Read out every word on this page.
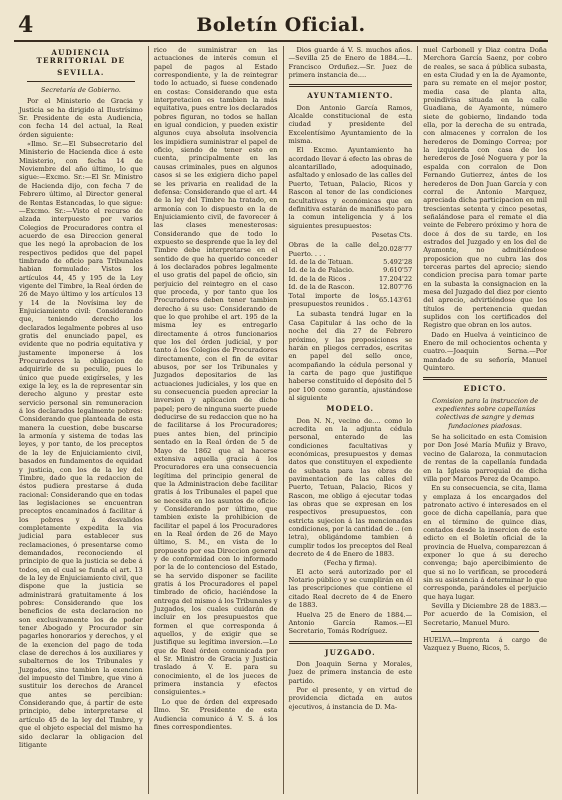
4	Boletín Oficial.
AUDIENCIA TERRITORIAL DE
SEVILLA.
Secretaría de Gobierno.

Por el Ministerio de Gracia y Justicia se ha dirigido al Ilustrísimo Sr. Presidente de esta Audiencia, con fecha 14 del actual, la Real órden siguiente:

«Ilmo. Sr.—El Subsecretario del Ministerio de Hacienda dice á este Ministerio, con fecha 14 de Noviembre del año último, lo que sigue:—Excmo. Sr.:—El Sr. Ministro de Hacienda dijo, con fecha 7 de Febrero último, al Director general de Rentas Estancadas, lo que sigue:—Excmo. Sr.:—Visto el recurso de alzada interpuesto por varios Colegios de Procuradores contra el acuerdo de esa Direccion general que les negó la aprobacion de los respectivos pedidos que del papel timbrado de oficio para Tribunales habian formulado: Vistos los artículos 44, 45 y 195 de la Ley vigente del Timbre, la Real órden de 26 de Mayo último y los artículos 13 y 14 de la Novísima ley de Enjuiciamiento civil: Considerando que, teniendo derecho los declarados legalmente pobres al uso gratis del enunciado papel, es evidente que no podria equitativa y justamente imponerse á los Procuradores la obligacion de adquirirle de su peculio, pues lo único que puede exigírseles, y les exige la ley, es la de representar sin derecho alguno y prestar este servicio personal sin remuneracion á los declarados legalmente pobres: Considerando que planteada de esta manera la cuestion, debe buscarse la armonía y sistema de todas las leyes, y por tanto, de los preceptos de la ley de Enjuiciamiento civil, basados en fundamentos de equidad y justicia, con los de la ley del Timbre, dado que la redaccion de éstos pudiera prestarse á duda racional: Considerando que en todas las legislaciones se encuentran preceptos encaminados á facilitar á los pobres y á desvalidos completamente expedita la via judicial para establecer sus reclamaciones, ó presentarse como demandados, reconociendo el principio de que la justicia se debe á todos, en el cual se funda el art. 13 de la ley de Enjuiciamiento civil, que dispone que la justicia se administrará gratuitamente á los pobres: Considerando que los beneficios de esta declaracion no son exclusivamente los de poder tener Abogado y Procurador sin pagarles honorarios y derechos, y el de la exencion del pago de toda clase de derechos á los auxiliares y subalternos de los Tribunales y Juzgados, sino tambien la exencion del impuesto del Timbre, que vino á sustituir los derechos de Arancel que antes se percibian: Considerando que, á partir de este principio, debe interpretarse el artículo 45 de la ley del Timbre, y que el objeto especial del mismo ha sido declarar la obligacion del litigante

rico de suministrar en las actuaciones de interés comun el papel de pagos al Estado correspondiente, y la de reintegrar todo lo actuado, si fuese condenado en costas: Considerando que esta interpretacion es tambien la más equitativa, pues entre los declarados pobres figuran, no todos se hallan en igual condicion, y pueden existir algunos cuya absoluta insolvencia les impidiera suministrar el papel de oficio, siendo de tener esto en cuenta, principalmente en las causas criminales, pues en algunos casos si se les exigiera dicho papel se les privaria en realidad de la defensa: Considerando que el art. 44 de la ley del Timbre ha tratado, en armonía con lo dispuesto en la de Enjuiciamiento civil, de favorecer á las clases menesterosas: Considerando que de todo lo expuesto se desprende que la ley del Timbre debe interpretarse en el sentido de que ha querido conceder á los declarados pobres legalmente el uso gratis del papel de oficio, sin perjuicio del reintegro en el caso que proceda, y por tanto que los Procuradores deben tener tambien derecho á su uso: Considerando de que lo que prohibe el art. 195 de la misma ley es entregarlo directamente á otros funcionarios que los del órden judicial, y por tanto á los Colegios de Procuradores directamente, con el fin de evitar abusos, por ser los Tribunales y Juzgados depositarios de las actuaciones judiciales, y los que en su consecuencia pueden apreciar la inversion y aplicacion de dicho papel; pero de ninguna suerte puede deducirse de su redaccion que no ha de facilitarse á los Procuradores; pues antes bien, del principio sentado en la Real órden de 5 de Mayo de 1862 que al hacerse extensiva aquella gracia á los Procuradores era una consecuencia legítima del principio general de que la Administracion debe facilitar gratis á los Tribunales el papel que se necesita en los asuntos de oficio: y Considerando por último, que tambien existe la prohibicion de facilitar el papel á los Procuradores en la Real órden de 26 de Mayo último, S. M., en vista de lo propuesto por esa Direccion general y de conformidad con lo informado por la de lo contencioso del Estado, se ha servido disponer se facilite gratis á los Procuradores el papel timbrado de oficio, haciéndose la entrega del mismo á los Tribunales y Juzgados, los cuales cuidarán de incluir en los presupuestos que formen el que corresponda á aquellos, y de exigir que se justifique su legítima inversion.—Lo que de Real órden comunicada por el Sr. Ministro de Gracia y Justicia traslado á V. E. para su conocimiento, el de los jueces de primera instancia y efectos consiguientes.»

Lo que de órden del expresado Ilmo. Sr. Presidente de esta Audiencia comunico á V. S. á los fines correspondientes.

Dios guarde á V. S. muchos años.—Sevilla 25 de Enero de 1884.—L. Francisco Orduñez.—Sr. Juez de primera instancia de....

AYUNTAMIENTO.

Don Antonio García Ramos, Alcalde constitucional de esta ciudad y presidente del Excelentísimo Ayuntamiento de la misma.

El Excmo. Ayuntamiento ha acordado llevar á efecto las obras de alcantarillado, adoquinado, asfaltado y enlosado de las calles del Puerto, Tetuan, Palacio, Ricos y Rascon al tenor de las condiciones facultativas y económicas que en definitiva estarán de manifiesto para la comun inteligencia y á los siguientes presupuestos:

Pesetas Cts.
Obras de la calle del Puerto. . . .	20.028'77
Id. de la de Tetuan.	5.492'28
Id. de la de Palacio.	9.610'57
Id. de la de Ricos .	17.204'22
Id. de la de Rascon.	12.807'76
Total importe de los presupuestos reunidos .	65.143'61

La subasta tendrá lugar en la Casa Capitular á las ocho de la noche del dia 27 de Febrero próximo, y las proposiciones se harán en pliegos cerrados, escritas en papel del sello once, acompañando la cédula personal y la carta de pago que justifique haberse constituido el depósito del 5 por 100 como garantía, ajustándose al siguiente

MODELO.

Don N. N., vecino de.... como lo acredita en la adjunta cédula personal, enterado de las condiciones facultativas y económicas, presupuestos y demas datos que constituyen el expediente de subasta para las obras de pavimentacion de las calles del Puerto, Tetuan, Palacio, Ricos y Rascon, me obligo á ejecutar todas las obras que se expresan en los respectivos presupuestos, con estricta sujecion á las mencionadas condiciones, por la cantidad de .. (en letra), obligándome tambien á cumplir todos los preceptos del Real decreto de 4 de Enero de 1883.

(Fecha y firma).

El acto será autorizado por el Notario público y se cumplirán en él las prescripciones que contiene el citado Real decreto de 4 de Enero de 1883.

Huelva 25 de Enero de 1884.—Antonio García Ramos.—El Secretario, Tomás Rodríguez.

JUZGADO.

Don Joaquin Serna y Morales, Juez de primera instancia de este partido.

Por el presente, y en virtud de providencia dictada en autos ejecutivos, á instancia de D. Ma-

nuel Carbonell y Diaz contra Doña Merchora García Saenz, por cobro de reales, se saca á pública subasta, en esta Ciudad y en la de Ayamonte, para su remate en el mejor postor, media casa de planta alta, proindivisa situada en la calle Guadiana, de Ayamonte, número siete de gobierno, lindando toda ella, por la derecha de su entrada, con almacenes y corralon de los herederos de Domingo Correa; por la izquierda con casa de los herederos de José Noguera y por la espalda con corralon de Don Fernando Gutierrez, ántes de los herederos de Don Juan García y con corral de Antonio Marquez, apreciada dicha participacion en mil trescientas setenta y cinco pesetas, señalándose para el remate el dia veinte de Febrero próximo y hora de doce á dos de su tarde, en los estrados del Juzgado y en los del de Ayamonte, no admitiéndose proposicion que no cubra las dos terceras partes del aprecio; siendo condicion precisa para tomar parte en la subasta la consignacion en la mesa del Juzgado del diez por ciento del aprecio, advirtiéndose que los títulos de pertenencia quedan suplidos con los certificados del Registro que obran en los autos.

Dado en Huelva á veinticinco de Enero de mil ochocientos ochenta y cuatro.—Joaquin Serna.—Por mandado de su señoría, Manuel Quintero.

EDICTO.
Comision para la instruccion de expedientes sobre capellanías colectivas de sangre y demas fundaciones piadosas.

Se ha solicitado en esta Comision por Don José María Muñiz y Bravo, vecino de Galaroza, la conmutacion de rentas de la capellanía fundada en la Iglesia parroquial de dicha villa por Marcos Perez de Ocampo.

En su consecuencia, se cita, llama y emplaza á los encargados del patronato activo é interesados en el goce de dicha capellanía, para que en el término de quince dias, contados desde la insercion de este edicto en el Boletín oficial de la provincia de Huelva, comparezcan á exponer lo que á su derecho convenga; bajo apercibimiento de que si no lo verifican, se procederá sin su asistencia á determinar lo que corresponda, parándoles el perjuicio que haya lugar.

Sevilla y Diciembre 28 de 1883.—Por acuerdo de la Comision, el Secretario, Manuel Muro.

HUELVA.—Imprenta á cargo de Vazquez y Bueno, Ricos, 5.
